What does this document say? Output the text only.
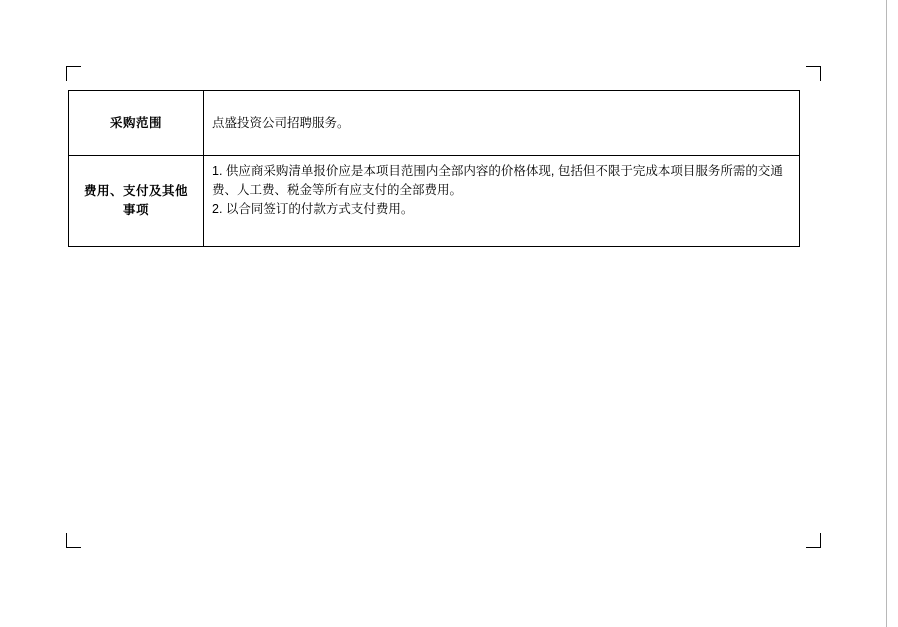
采购范围	点盛投资公司招聘服务。

费用、支付及其他
事项	1. 供应商采购清单报价应是本项目范围内全部内容的价格体现, 包括但不限于完成本项目服务所需的交通
费、人工费、税金等所有应支付的全部费用。
2. 以合同签订的付款方式支付费用。
